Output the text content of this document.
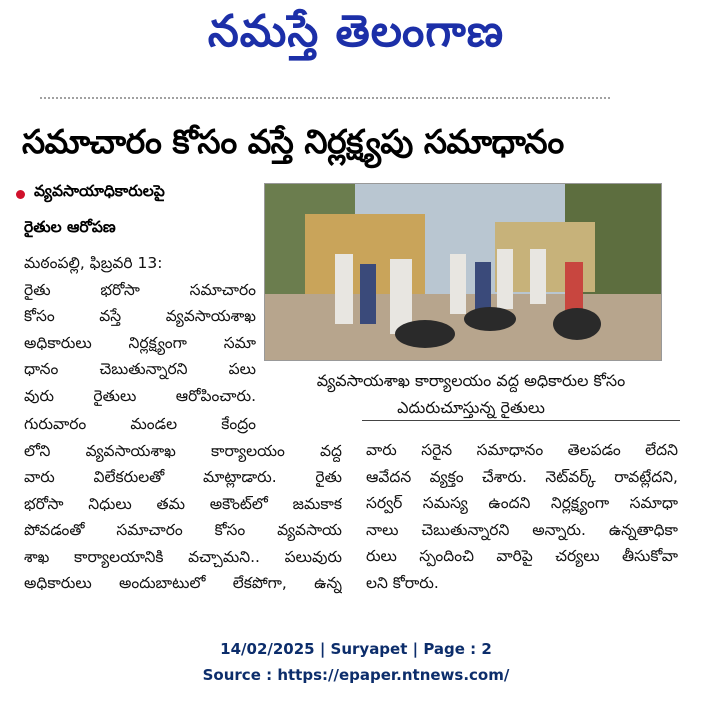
నమస్తే తెలంగాణ
సమాచారం కోసం వస్తే నిర్లక్ష్యపు సమాధానం
వ్యవసాయాధికారులపై
రైతుల ఆరోపణ
మఠంపల్లి, ఫిబ్రవరి 13:
రైతు భరోసా సమాచారం
కోసం వస్తే వ్యవసాయశాఖ
అధికారులు నిర్లక్ష్యంగా సమా
ధానం చెబుతున్నారని పలు
వురు రైతులు ఆరోపించారు.
గురువారం మండల కేంద్రం
లోని వ్యవసాయశాఖ కార్యాలయం వద్ద
వారు విలేకరులతో మాట్లాడారు. రైతు
భరోసా నిధులు తమ అకౌంట్‌లో జమకాక
పోవడంతో సమాచారం కోసం వ్యవసాయ
శాఖ కార్యాలయానికి వచ్చామని.. పలువురు
అధికారులు అందుబాటులో లేకపోగా, ఉన్న
వ్యవసాయశాఖ కార్యాలయం వద్ద అధికారుల కోసం
ఎదురుచూస్తున్న రైతులు
వారు సరైన సమాధానం తెలపడం లేదని
ఆవేదన వ్యక్తం చేశారు. నెట్‌వర్క్ రావట్లేదని,
సర్వర్ సమస్య ఉందని నిర్లక్ష్యంగా సమాధా
నాలు చెబుతున్నారని అన్నారు. ఉన్నతాధికా
రులు స్పందించి వారిపై చర్యలు తీసుకోవా
లని కోరారు.
14/02/2025 | Suryapet | Page : 2
Source : https://epaper.ntnews.com/
